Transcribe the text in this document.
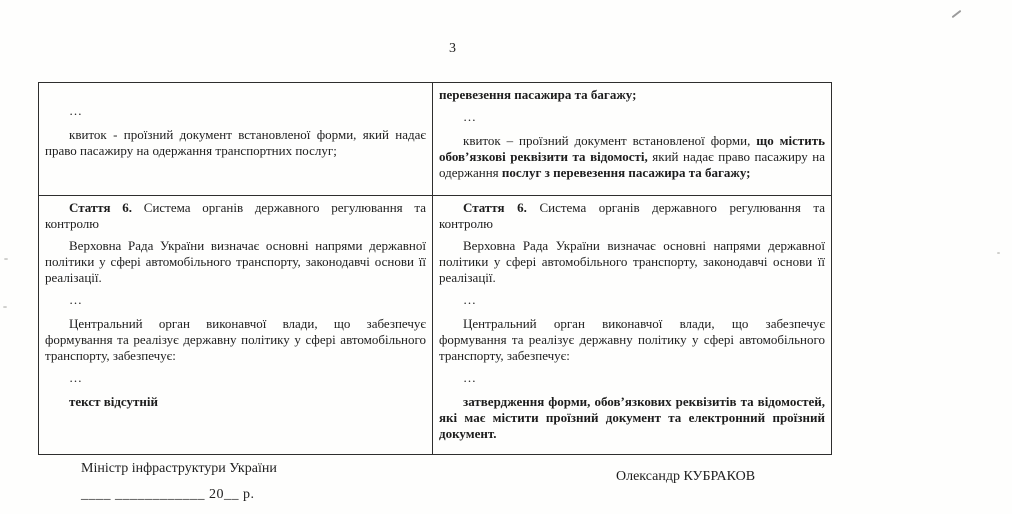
3

…

квиток - проїзний документ встановленої форми, який надає право пасажиру на одержання транспортних послуг;

перевезення пасажира та багажу;

…

квиток – проїзний документ встановленої форми, що містить обов’язкові реквізити та відомості, який надає право пасажиру на одержання послуг з перевезення пасажира та багажу;

Стаття 6. Система органів державного регулювання та контролю

Верховна Рада України визначає основні напрями державної політики у сфері автомобільного транспорту, законодавчі основи її реалізації.

…

Центральний орган виконавчої влади, що забезпечує формування та реалізує державну політику у сфері автомобільного транспорту, забезпечує:

…

текст відсутній

Стаття 6. Система органів державного регулювання та контролю

Верховна Рада України визначає основні напрями державної політики у сфері автомобільного транспорту, законодавчі основи її реалізації.

…

Центральний орган виконавчої влади, що забезпечує формування та реалізує державну політику у сфері автомобільного транспорту, забезпечує:

…

затвердження форми, обов’язкових реквізитів та відомостей, які має містити проїзний документ та електронний проїзний документ.

Міністр інфраструктури України
____ ____________ 20__ р.
Олександр КУБРАКОВ
